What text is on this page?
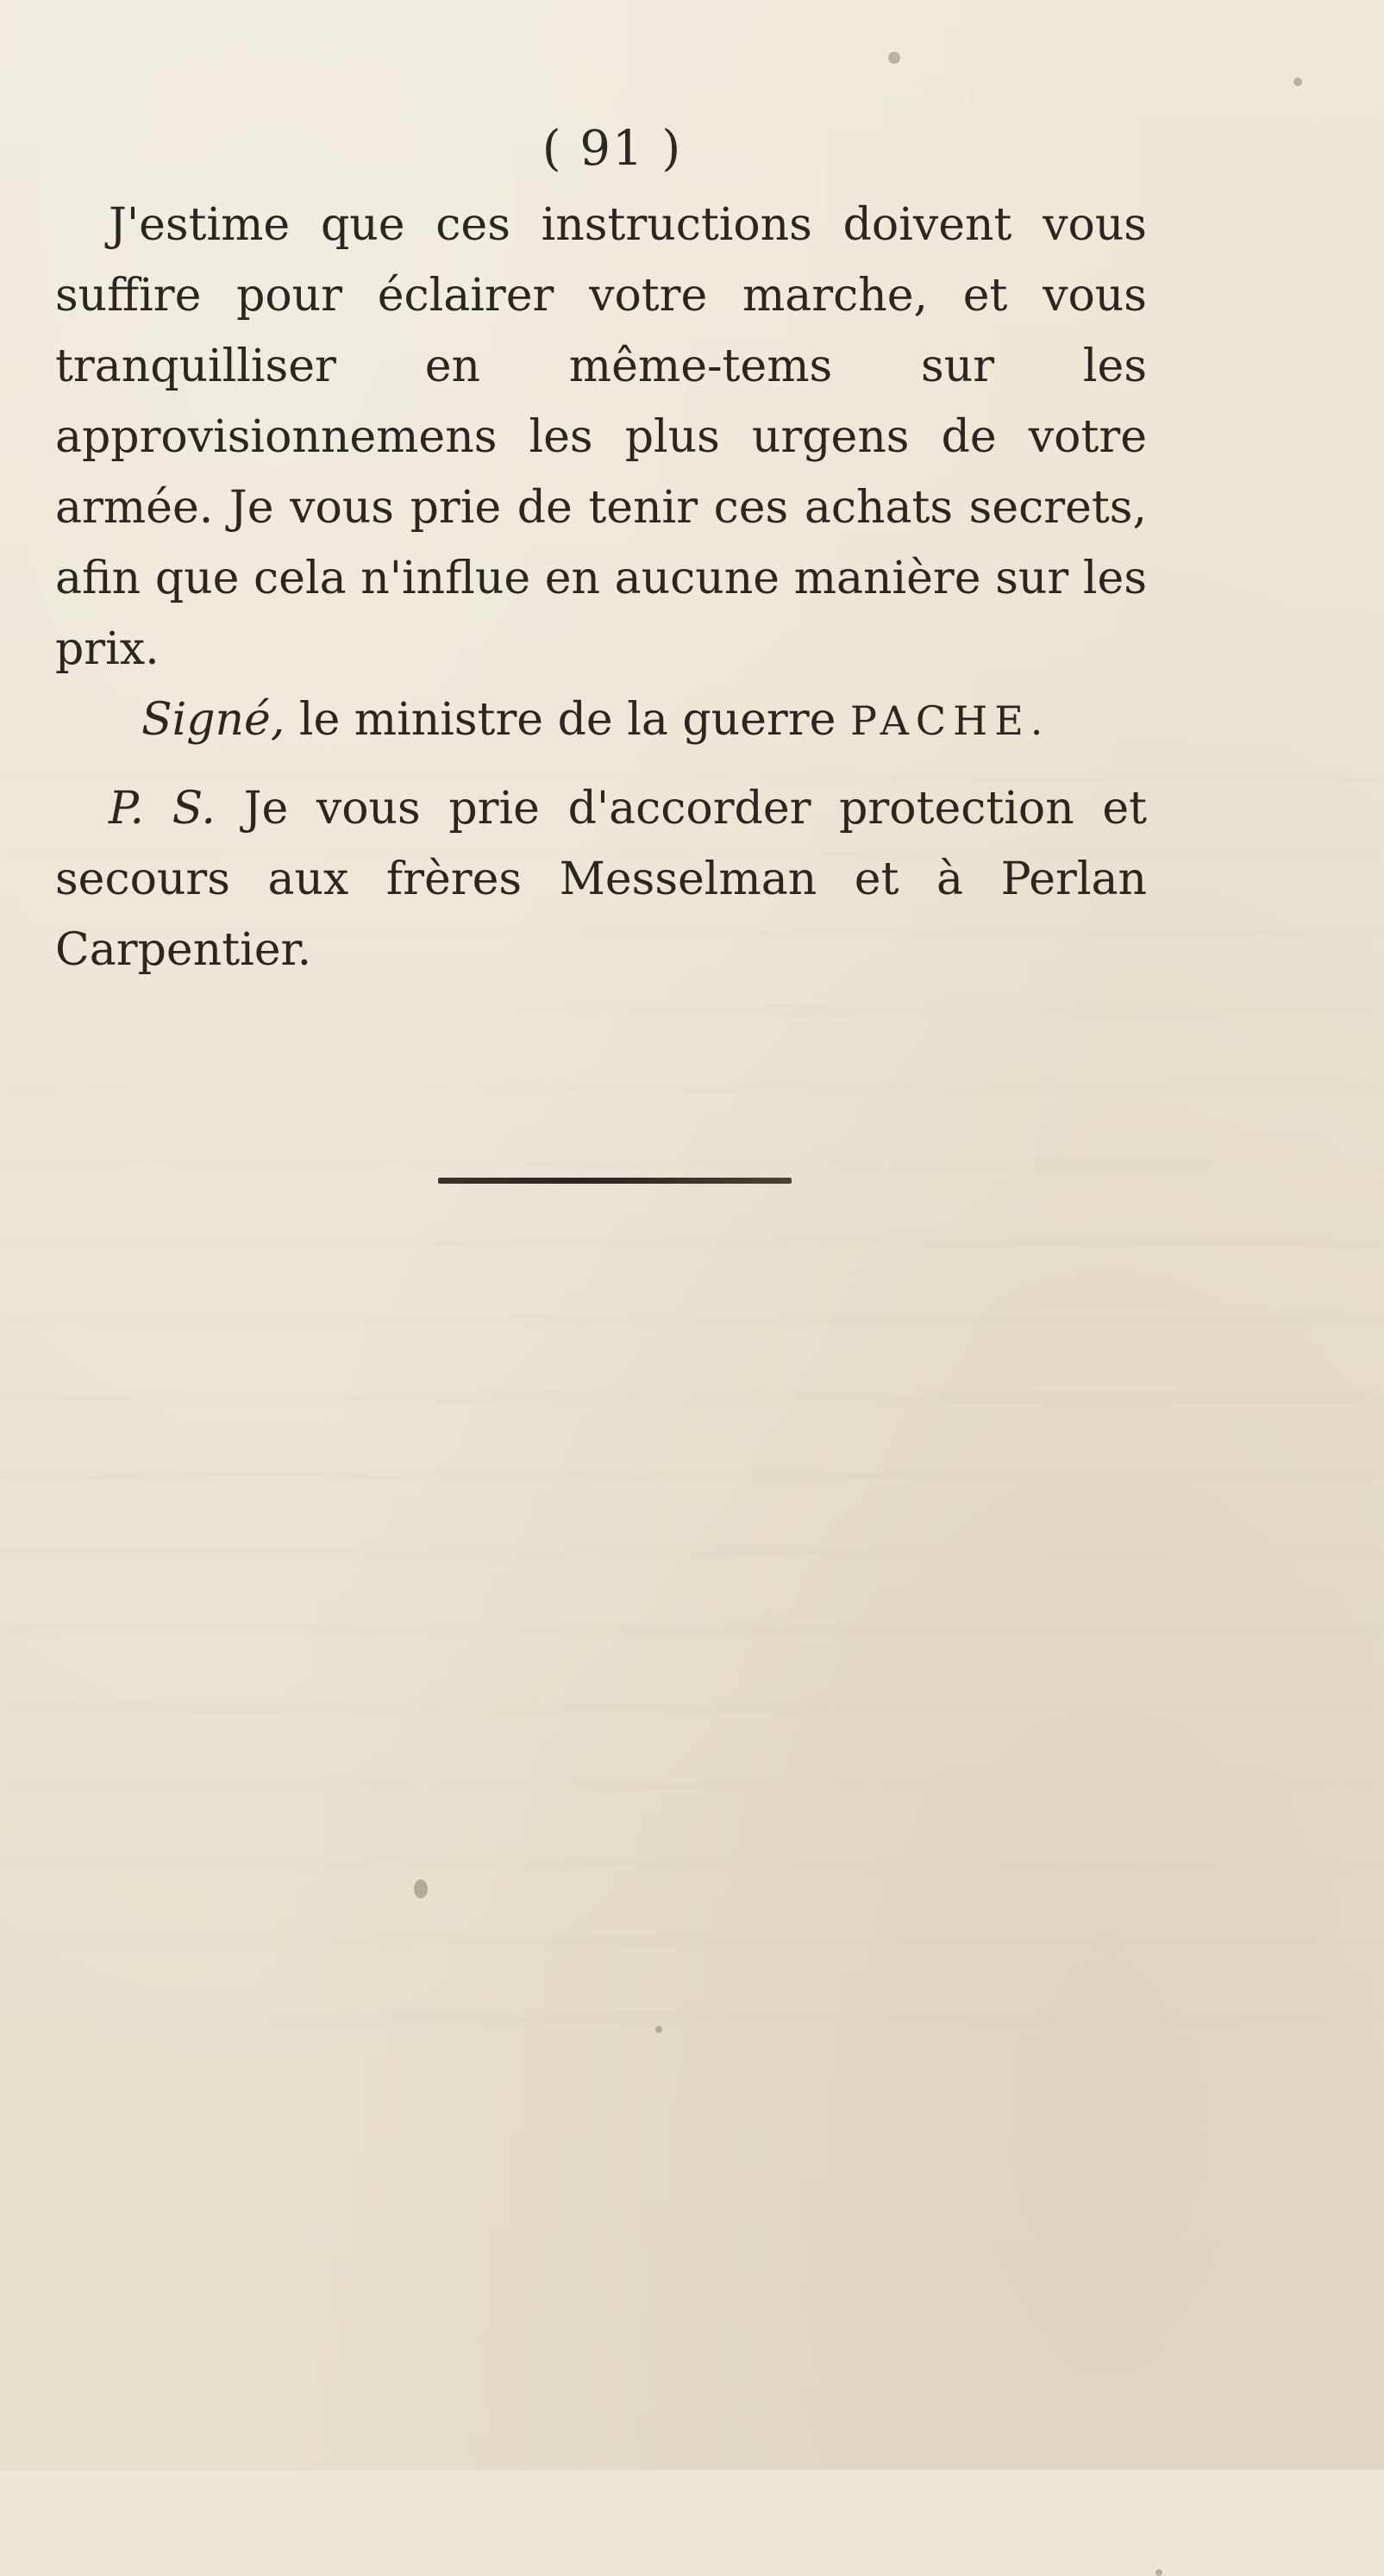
( 91 )

J'estime que ces instructions doivent vous suffire pour éclairer votre marche, et vous tranquilliser en même-tems sur les approvisionnemens les plus urgens de votre armée. Je vous prie de tenir ces achats secrets, afin que cela n'influe en aucune manière sur les prix.

Signé, le ministre de la guerre PACHE.

P. S. Je vous prie d'accorder protection et secours aux frères Messelman et à Perlan Carpentier.
